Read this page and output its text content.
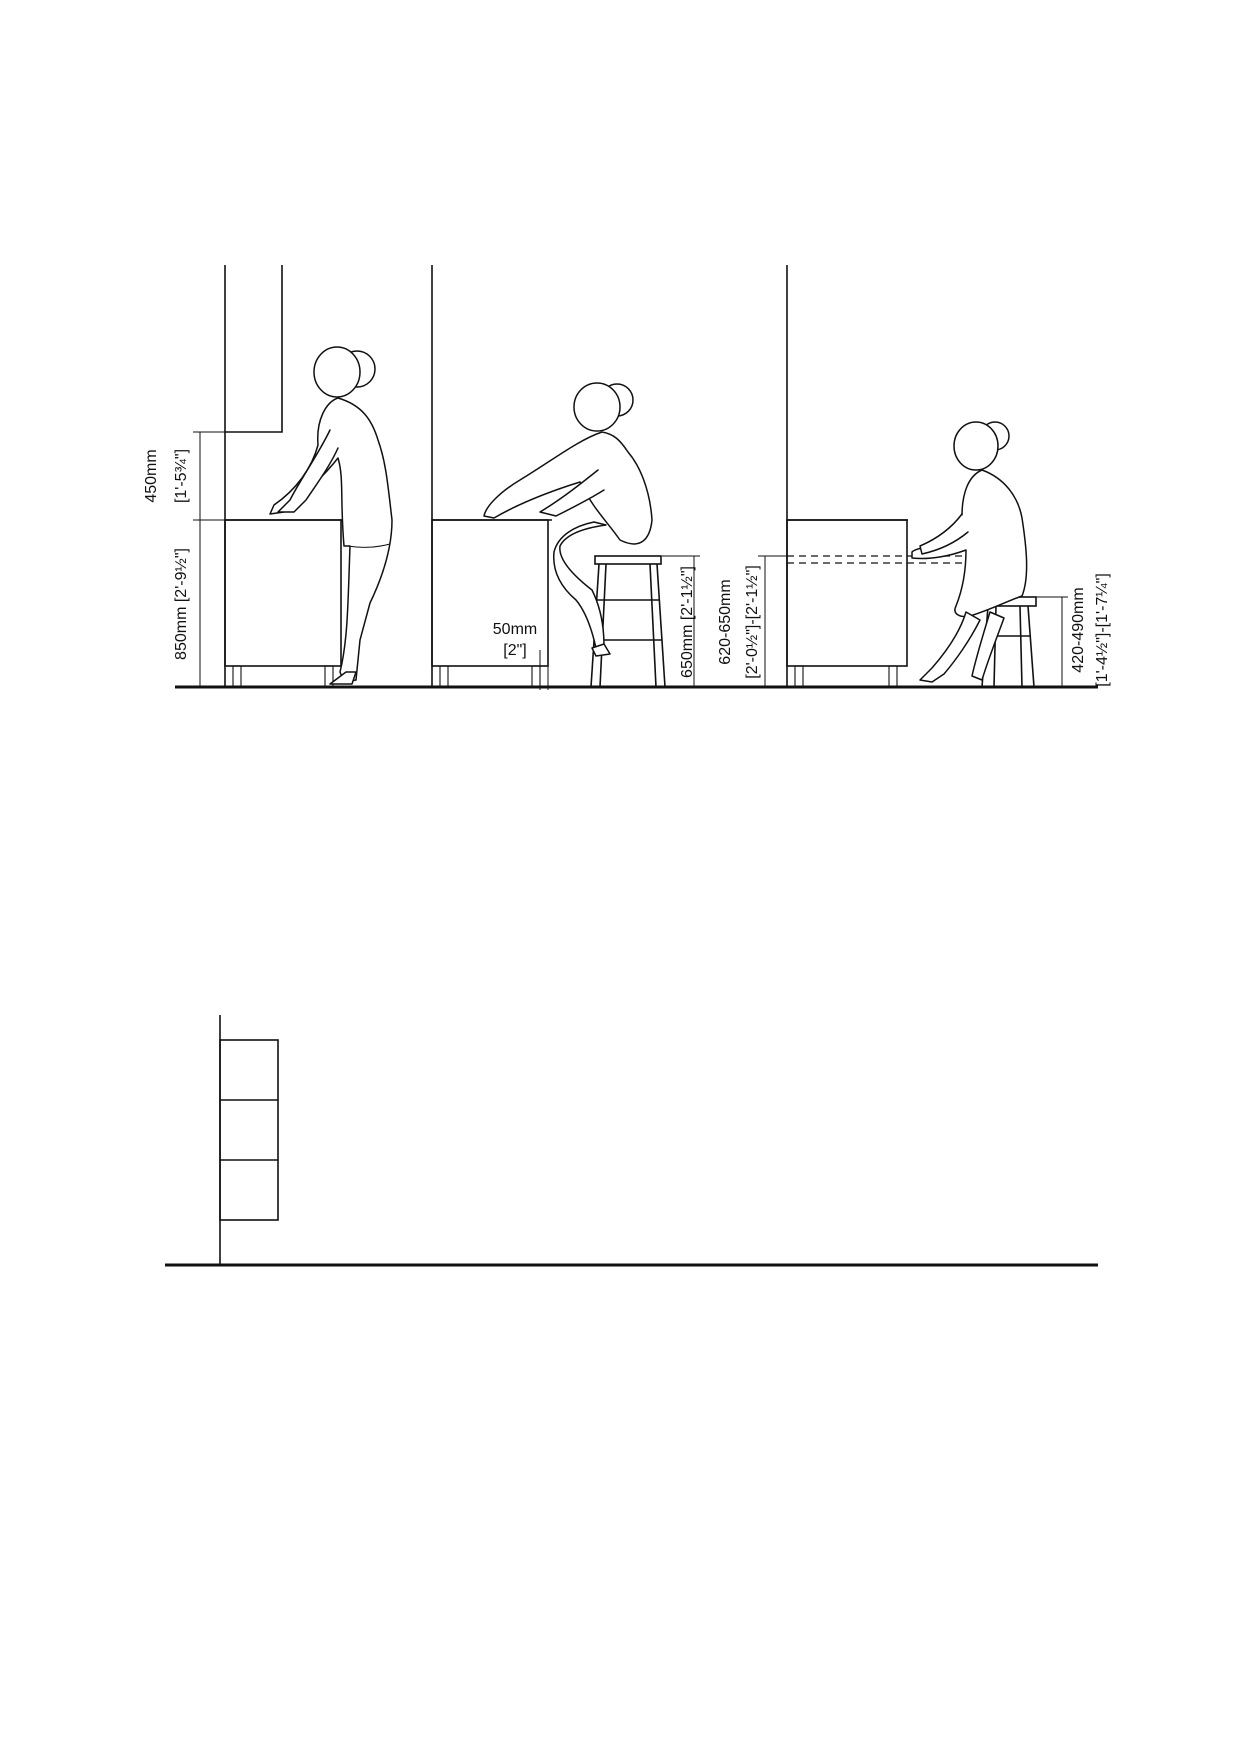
450mm [1'-5¾"]
850mm [2'-9½"]	50mm
[2"]	650mm [2'-1½"]	420-490mm [1'-4½"]-[1'-7¼"]
620-650mm [2'-0½"]-[2'-1½"]
